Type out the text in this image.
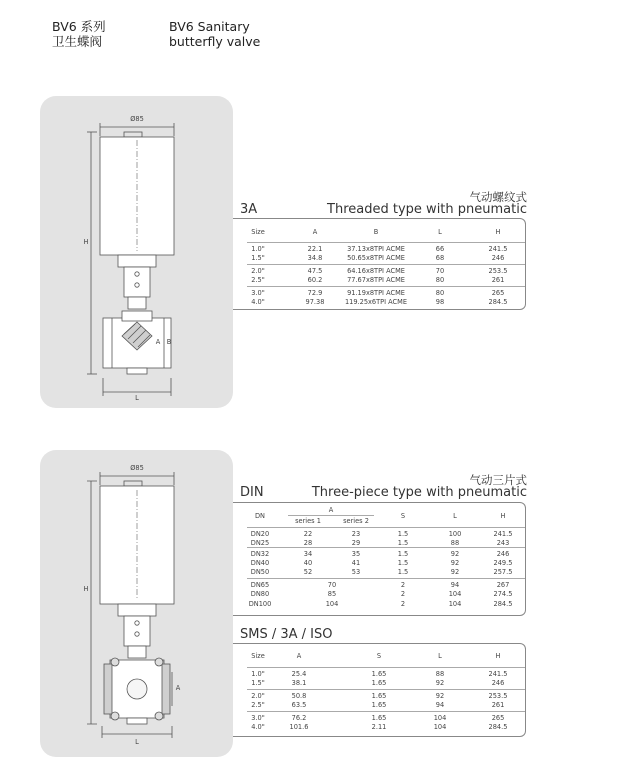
BV6 系列
卫生蝶阀
BV6 Sanitary
butterfly valve
Ø85
H
A B
L
Ø85
H
A
L
气动螺纹式
Threaded type with pneumatic
3A
Size	A	B	L	H
1.0"	22.1	37.13x8TPI ACME	66	241.5
1.5"	34.8	50.65x8TPI ACME	68	246
2.0"	47.5	64.16x8TPI ACME	70	253.5
2.5"	60.2	77.67x8TPI ACME	80	261
3.0"	72.9	91.19x8TPI ACME	80	265
4.0"	97.38	119.25x6TPI ACME	98	284.5
气动三片式
Three-piece type with pneumatic
DIN
DN
A
series 1	series 2
S	L	H
DN20	22	23	1.5	100	241.5
DN25	28	29	1.5	88	243
DN32	34	35	1.5	92	246
DN40	40	41	1.5	92	249.5
DN50	52	53	1.5	92	257.5
DN65	70	2	94	267
DN80	85	2	104	274.5
DN100	104	2	104	284.5
SMS / 3A / ISO
Size	A	S	L	H
1.0"	25.4	1.65	88	241.5
1.5"	38.1	1.65	92	246
2.0"	50.8	1.65	92	253.5
2.5"	63.5	1.65	94	261
3.0"	76.2	1.65	104	265
4.0"	101.6	2.11	104	284.5
